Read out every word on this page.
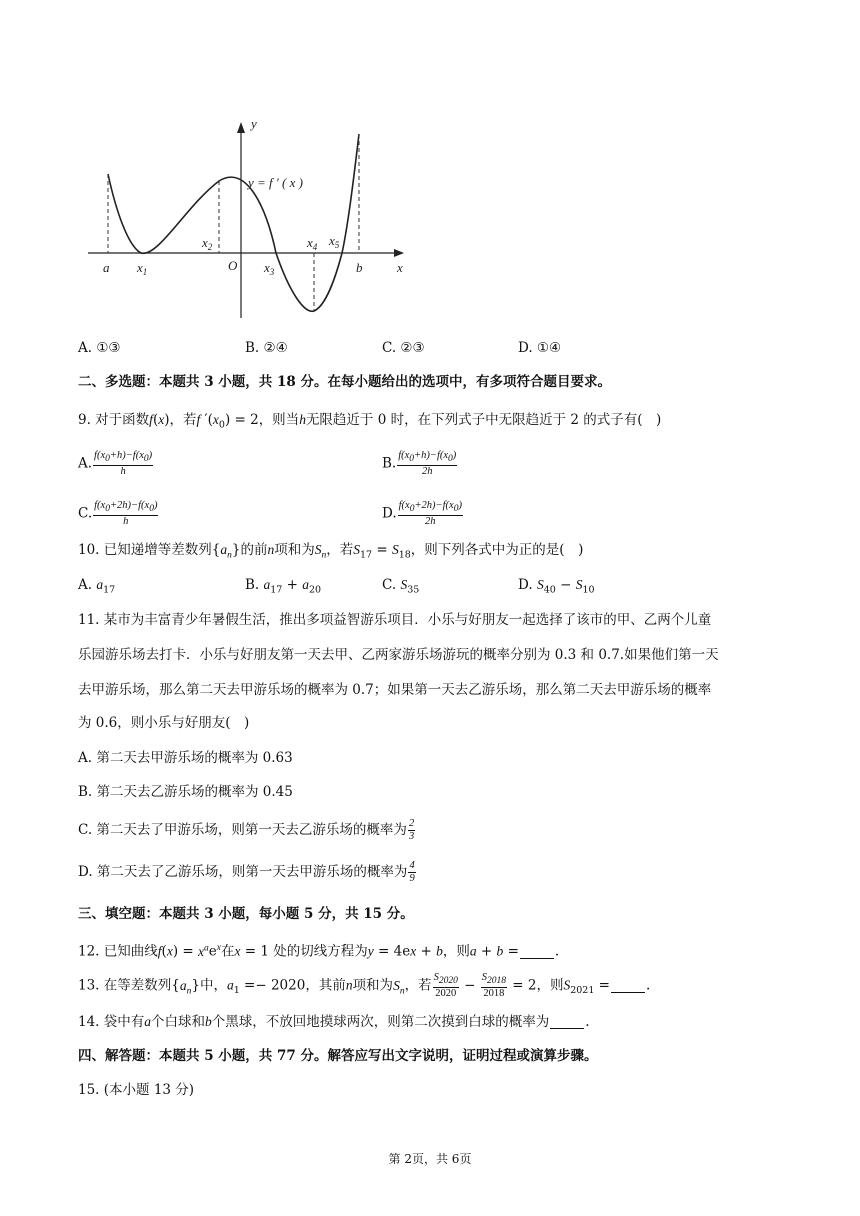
y
x
y = f ′ ( x )
a $x_1$
$x_2$
O $x_3$
$x_4$ $x_5$
b
A. ①③	B. ②④	C. ②③	D. ①④
二、多选题：本题共 3 小题，共 18 分。在每小题给出的选项中，有多项符合题目要求。
9. 对于函数f(x)，若f $'(x_0) = 2$，则当h无限趋近于 0 时，在下列式子中无限趋近于 2 的式子有(　)
A. $\frac{f(x_0+h)-f(x_0)}{h}$	B. $\frac{f(x_0+h)-f(x_0)}{2h}$
C. $\frac{f(x_0+2h)-f(x_0)}{h}$	D. $\frac{f(x_0+2h)-f(x_0)}{2h}$
10. 已知递增等差数列$\{a_n\}$的前n项和为$S_n$，若$S_{17} = S_{18}$，则下列各式中为正的是(　)
A. $a_{17}$	B. $a_{17} + a_{20}$	C. $S_{35}$	D. $S_{40} - S_{10}$
11. 某市为丰富青少年暑假生活，推出多项益智游乐项目．小乐与好朋友一起选择了该市的甲、乙两个儿童
乐园游乐场去打卡．小乐与好朋友第一天去甲、乙两家游乐场游玩的概率分别为 0.3 和 0.7.如果他们第一天
去甲游乐场，那么第二天去甲游乐场的概率为 0.7；如果第一天去乙游乐场，那么第二天去甲游乐场的概率
为 0.6，则小乐与好朋友(　)
A. 第二天去甲游乐场的概率为 0.63
B. 第二天去乙游乐场的概率为 0.45
C. 第二天去了甲游乐场，则第一天去乙游乐场的概率为 $\frac{2}{3}$
D. 第二天去了乙游乐场，则第一天去甲游乐场的概率为 $\frac{4}{9}$
三、填空题：本题共 3 小题，每小题 5 分，共 15 分。
12. 已知曲线$f(x) = x^ae^x$在x = 1 处的切线方程为y = 4ex + b，则a + b =	.
13. 在等差数列$\{a_n\}$中，$a_1 =- 2020$，其前n项和为$S_n$，若 $\frac{S_{2020}}{2020} - \frac{S_{2018}}{2018} = 2$，则$S_{2021}$ =	.
14. 袋中有a个白球和b个黑球，不放回地摸球两次，则第二次摸到白球的概率为	.
四、解答题：本题共 5 小题，共 77 分。解答应写出文字说明，证明过程或演算步骤。
15. (本小题 13 分)
第 2页，共 6页
